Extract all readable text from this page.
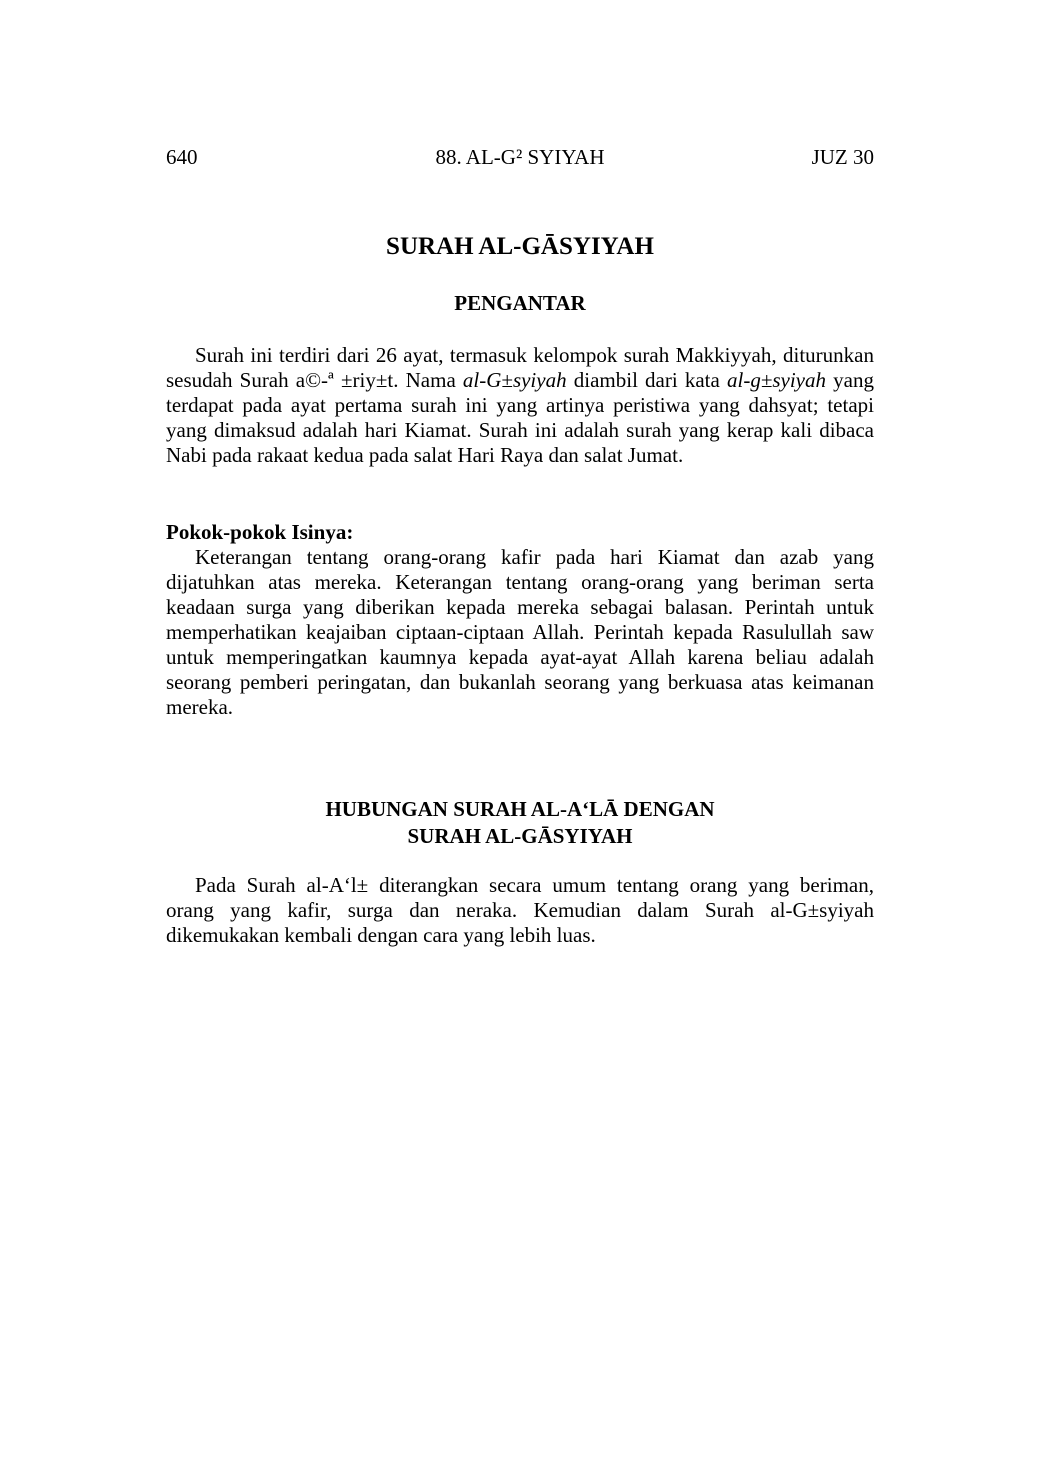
640	88. AL-G² SYIYAH	JUZ 30
SURAH AL-GĀSYIYAH
PENGANTAR

Surah ini terdiri dari 26 ayat, termasuk kelompok surah Makkiyyah, diturunkan sesudah Surah a©-ª ±riy±t. Nama al-G±syiyah diambil dari kata al-g±syiyah yang terdapat pada ayat pertama surah ini yang artinya peristiwa yang dahsyat; tetapi yang dimaksud adalah hari Kiamat. Surah ini adalah surah yang kerap kali dibaca Nabi pada rakaat kedua pada salat Hari Raya dan salat Jumat.

Pokok-pokok Isinya:

Keterangan tentang orang-orang kafir pada hari Kiamat dan azab yang dijatuhkan atas mereka. Keterangan tentang orang-orang yang beriman serta keadaan surga yang diberikan kepada mereka sebagai balasan. Perintah untuk memperhatikan keajaiban ciptaan-ciptaan Allah. Perintah kepada Rasulullah saw untuk memperingatkan kaumnya kepada ayat-ayat Allah karena beliau adalah seorang pemberi peringatan, dan bukanlah seorang yang berkuasa atas keimanan mereka.

HUBUNGAN SURAH AL-A‘LĀ DENGAN
SURAH AL-GĀSYIYAH

Pada Surah al-A‘l± diterangkan secara umum tentang orang yang beriman, orang yang kafir, surga dan neraka. Kemudian dalam Surah al-G±syiyah dikemukakan kembali dengan cara yang lebih luas.
